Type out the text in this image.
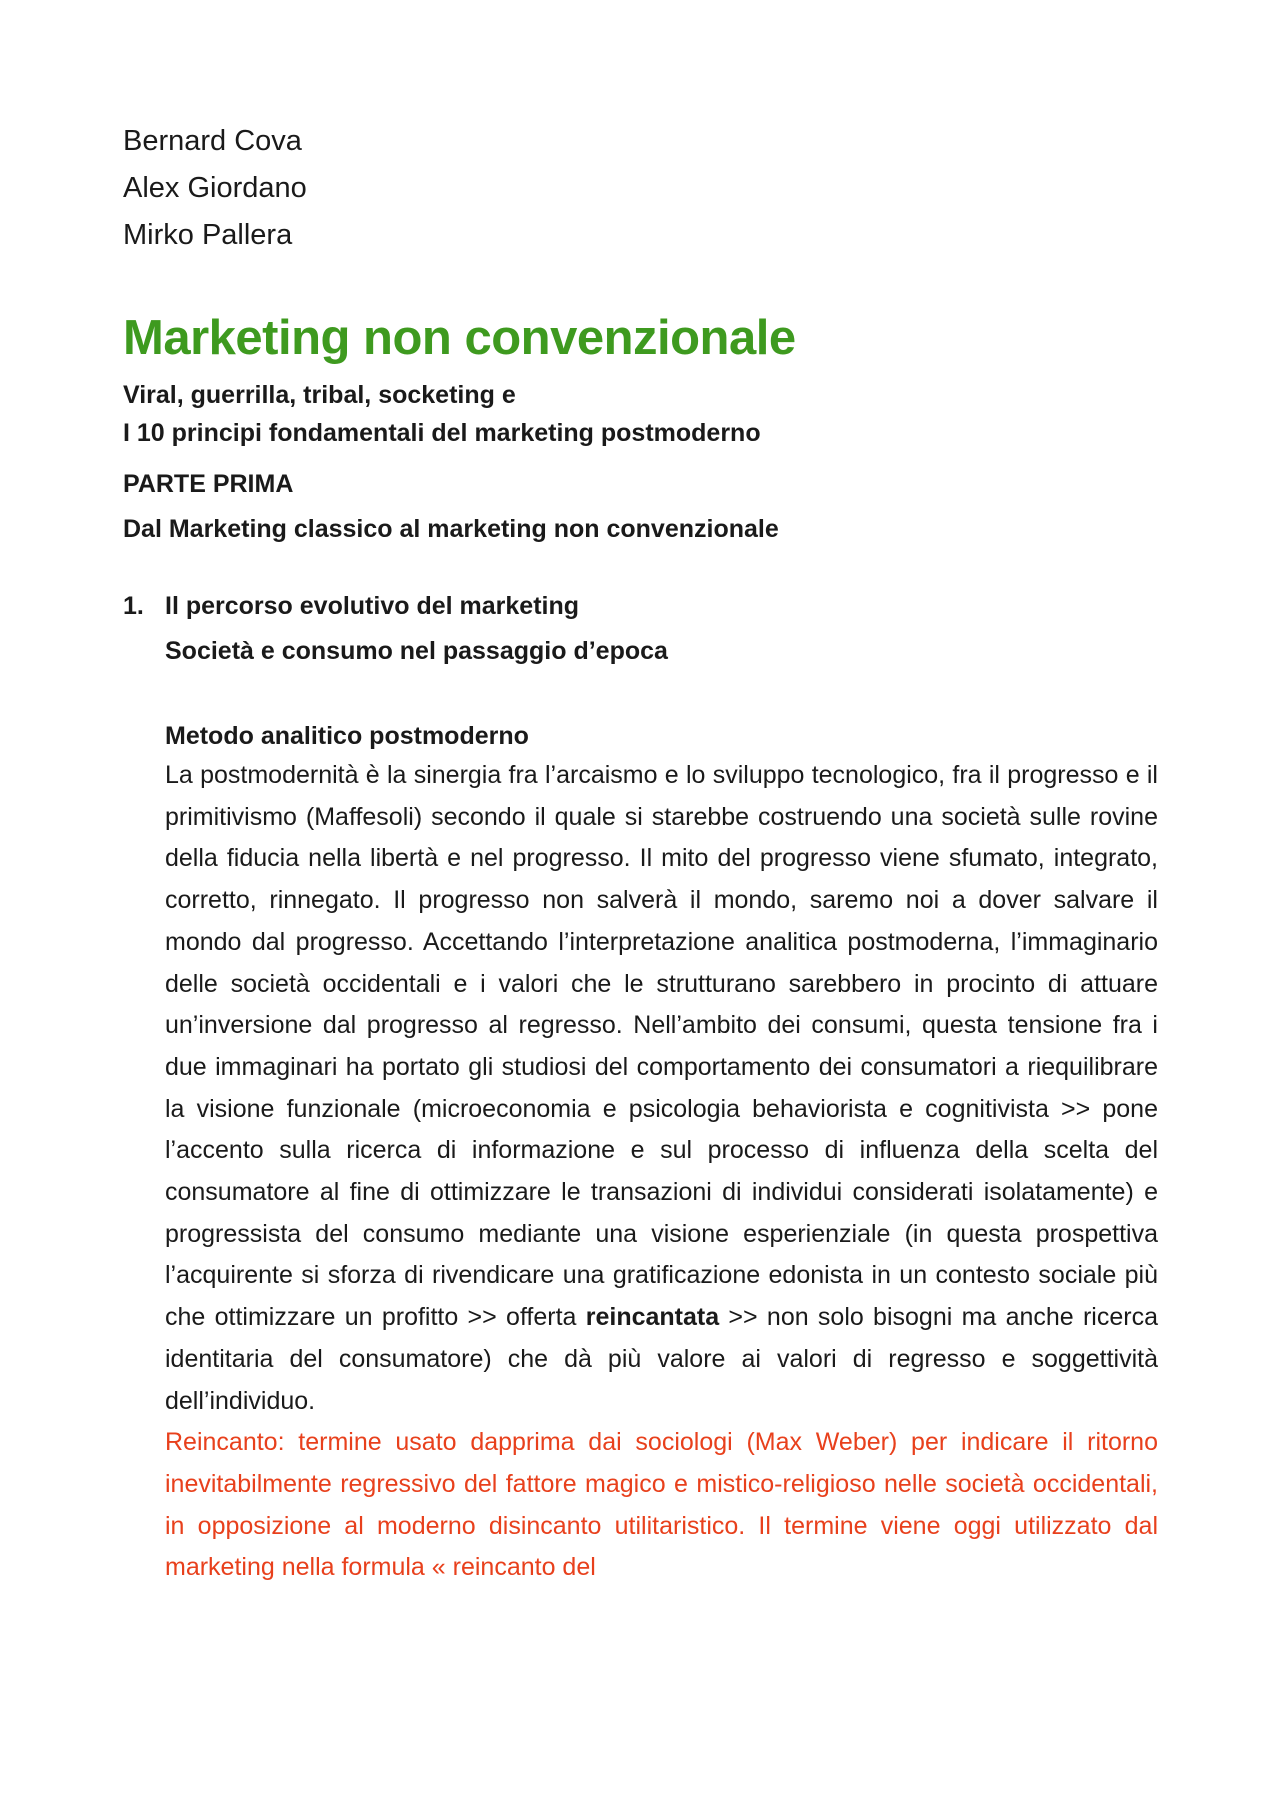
Bernard Cova
Alex Giordano
Mirko Pallera
Marketing non convenzionale
Viral, guerrilla, tribal, socketing e
I 10 principi fondamentali del marketing postmoderno
PARTE PRIMA
Dal Marketing classico al marketing non convenzionale
1. Il percorso evolutivo del marketing
Società e consumo nel passaggio d’epoca
Metodo analitico postmoderno

La postmodernità è la sinergia fra l’arcaismo e lo sviluppo tecnologico, fra il progresso e il primitivismo (Maffesoli) secondo il quale si starebbe costruendo una società sulle rovine della fiducia nella libertà e nel progresso. Il mito del progresso viene sfumato, integrato, corretto, rinnegato. Il progresso non salverà il mondo, saremo noi a dover salvare il mondo dal progresso. Accettando l’interpretazione analitica postmoderna, l’immaginario delle società occidentali e i valori che le strutturano sarebbero in procinto di attuare un’inversione dal progresso al regresso. Nell’ambito dei consumi, questa tensione fra i due immaginari ha portato gli studiosi del comportamento dei consumatori a riequilibrare la visione funzionale (microeconomia e psicologia behaviorista e cognitivista >> pone l’accento sulla ricerca di informazione e sul processo di influenza della scelta del consumatore al fine di ottimizzare le transazioni di individui considerati isolatamente) e progressista del consumo mediante una visione esperienziale (in questa prospettiva l’acquirente si sforza di rivendicare una gratificazione edonista in un contesto sociale più che ottimizzare un profitto >> offerta reincantata >> non solo bisogni ma anche ricerca identitaria del consumatore) che dà più valore ai valori di regresso e soggettività dell’individuo.

Reincanto: termine usato dapprima dai sociologi (Max Weber) per indicare il ritorno inevitabilmente regressivo del fattore magico e mistico-religioso nelle società occidentali, in opposizione al moderno disincanto utilitaristico. Il termine viene oggi utilizzato dal marketing nella formula « reincanto del
